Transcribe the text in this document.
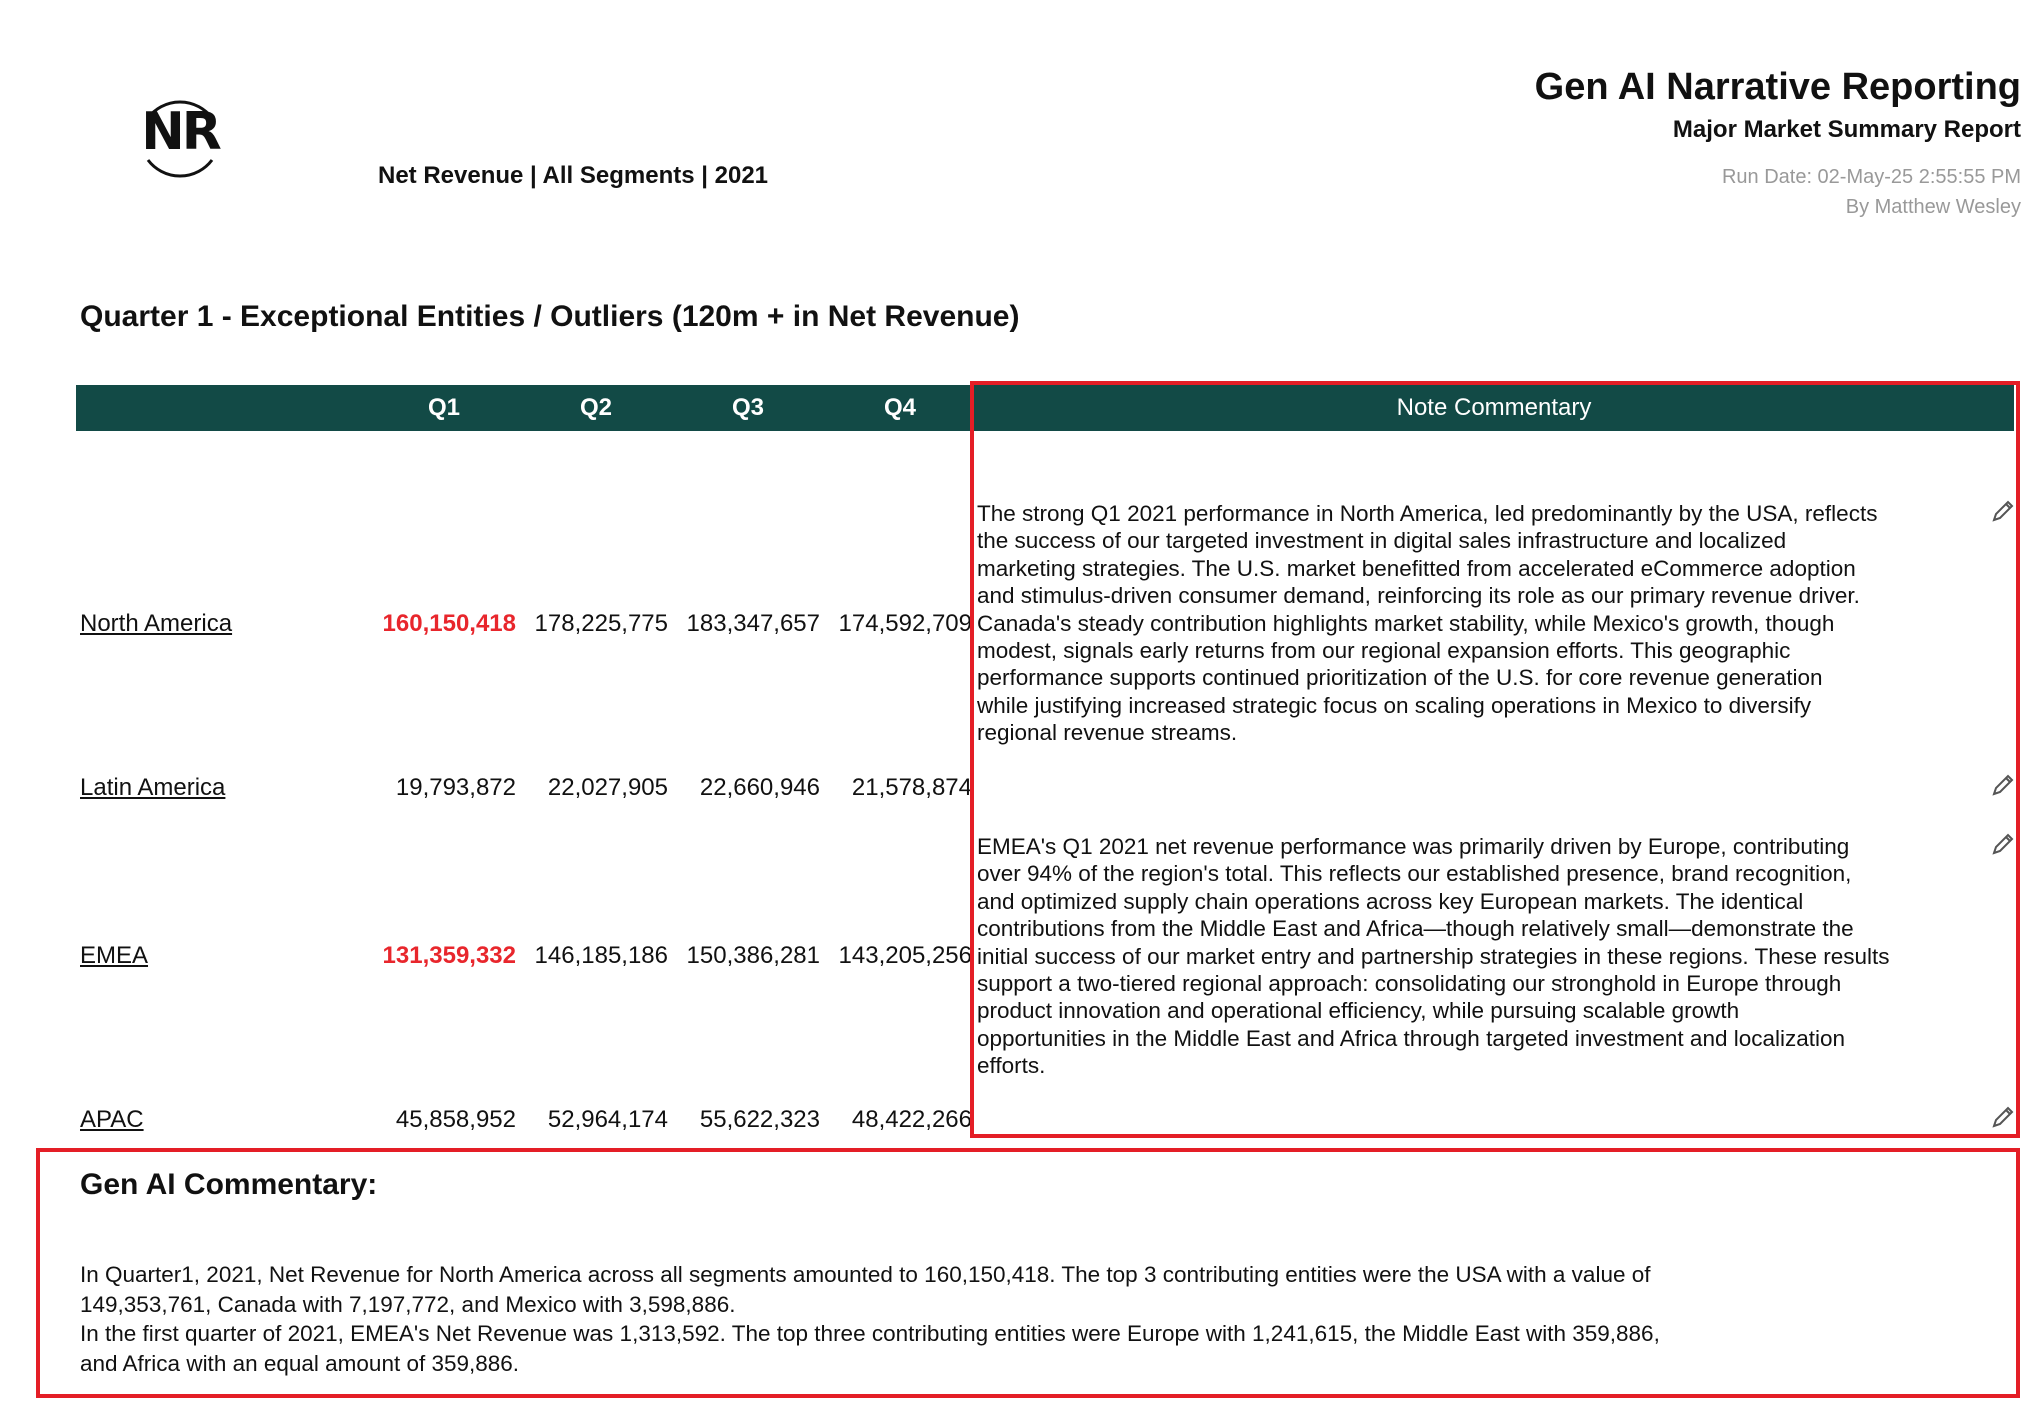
NR
Net Revenue | All Segments | 2021
Gen AI Narrative Reporting
Major Market Summary Report
Run Date: 02-May-25 2:55:55 PM
By Matthew Wesley
Quarter 1 - Exceptional Entities / Outliers (120m + in Net Revenue)
Q1	Q2	Q3	Q4	Note Commentary
North America	160,150,418 178,225,775 183,347,657 174,592,709
The strong Q1 2021 performance in North America, led predominantly by the USA, reflects
the success of our targeted investment in digital sales infrastructure and localized
marketing strategies. The U.S. market benefitted from accelerated eCommerce adoption
and stimulus-driven consumer demand, reinforcing its role as our primary revenue driver.
Canada's steady contribution highlights market stability, while Mexico's growth, though
modest, signals early returns from our regional expansion efforts. This geographic
performance supports continued prioritization of the U.S. for core revenue generation
while justifying increased strategic focus on scaling operations in Mexico to diversify
regional revenue streams.
Latin America	19,793,872	22,027,905	22,660,946	21,578,874
EMEA	131,359,332 146,185,186 150,386,281 143,205,256
EMEA's Q1 2021 net revenue performance was primarily driven by Europe, contributing
over 94% of the region's total. This reflects our established presence, brand recognition,
and optimized supply chain operations across key European markets. The identical
contributions from the Middle East and Africa—though relatively small—demonstrate the
initial success of our market entry and partnership strategies in these regions. These results
support a two-tiered regional approach: consolidating our stronghold in Europe through
product innovation and operational efficiency, while pursuing scalable growth
opportunities in the Middle East and Africa through targeted investment and localization
efforts.
APAC	45,858,952	52,964,174	55,622,323	48,422,266
Gen AI Commentary:
In Quarter1, 2021, Net Revenue for North America across all segments amounted to 160,150,418. The top 3 contributing entities were the USA with a value of
149,353,761, Canada with 7,197,772, and Mexico with 3,598,886.
In the first quarter of 2021, EMEA's Net Revenue was 1,313,592. The top three contributing entities were Europe with 1,241,615, the Middle East with 359,886,
and Africa with an equal amount of 359,886.
